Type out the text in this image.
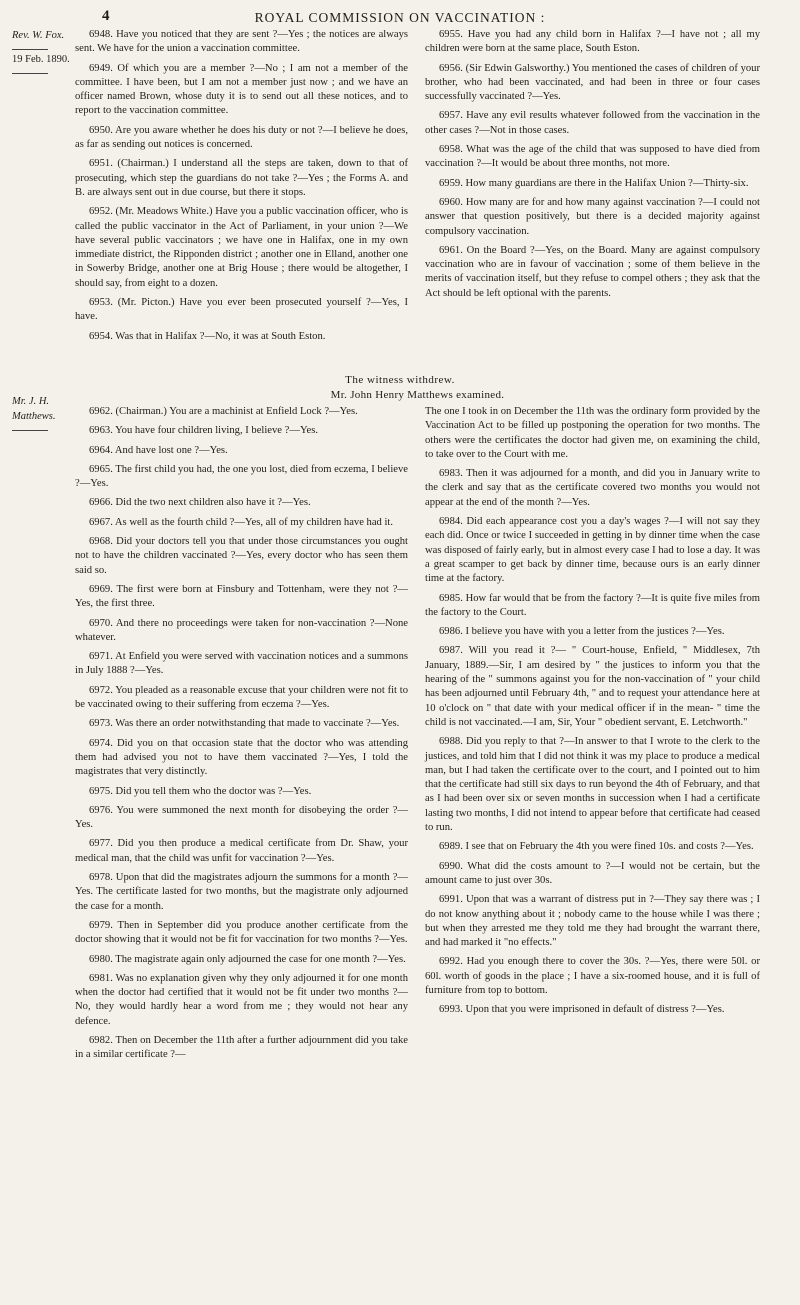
4	ROYAL COMMISSION ON VACCINATION :
Rev. W. Fox.
19 Feb. 1890.
Mr. J. H.
Matthews.

6948. Have you noticed that they are sent ?—Yes ; the notices are always sent. We have for the union a vaccination committee.

6949. Of which you are a member ?—No ; I am not a member of the committee. I have been, but I am not a member just now ; and we have an officer named Brown, whose duty it is to send out all these notices, and to report to the vaccination committee.

6950. Are you aware whether he does his duty or not ?—I believe he does, as far as sending out notices is concerned.

6951. (Chairman.) I understand all the steps are taken, down to that of prosecuting, which step the guardians do not take ?—Yes ; the Forms A. and B. are always sent out in due course, but there it stops.

6952. (Mr. Meadows White.) Have you a public vaccination officer, who is called the public vaccinator in the Act of Parliament, in your union ?—We have several public vaccinators ; we have one in Halifax, one in my own immediate district, the Ripponden district ; another one in Elland, another one in Sowerby Bridge, another one at Brig House ; there would be altogether, I should say, from eight to a dozen.

6953. (Mr. Picton.) Have you ever been prosecuted yourself ?—Yes, I have.

6954. Was that in Halifax ?—No, it was at South Eston.

6955. Have you had any child born in Halifax ?—I have not ; all my children were born at the same place, South Eston.

6956. (Sir Edwin Galsworthy.) You mentioned the cases of children of your brother, who had been vaccinated, and had been in three or four cases successfully vaccinated ?—Yes.

6957. Have any evil results whatever followed from the vaccination in the other cases ?—Not in those cases.

6958. What was the age of the child that was supposed to have died from vaccination ?—It would be about three months, not more.

6959. How many guardians are there in the Halifax Union ?—Thirty-six.

6960. How many are for and how many against vaccination ?—I could not answer that question positively, but there is a decided majority against compulsory vaccination.

6961. On the Board ?—Yes, on the Board. Many are against compulsory vaccination who are in favour of vaccination ; some of them believe in the merits of vaccination itself, but they refuse to compel others ; they ask that the Act should be left optional with the parents.

The witness withdrew.
Mr. John Henry Matthews examined.

6962. (Chairman.) You are a machinist at Enfield Lock ?—Yes.

6963. You have four children living, I believe ?—Yes.

6964. And have lost one ?—Yes.

6965. The first child you had, the one you lost, died from eczema, I believe ?—Yes.

6966. Did the two next children also have it ?—Yes.

6967. As well as the fourth child ?—Yes, all of my children have had it.

6968. Did your doctors tell you that under those circumstances you ought not to have the children vaccinated ?—Yes, every doctor who has seen them said so.

6969. The first were born at Finsbury and Tottenham, were they not ?—Yes, the first three.

6970. And there no proceedings were taken for non-vaccination ?—None whatever.

6971. At Enfield you were served with vaccination notices and a summons in July 1888 ?—Yes.

6972. You pleaded as a reasonable excuse that your children were not fit to be vaccinated owing to their suffering from eczema ?—Yes.

6973. Was there an order notwithstanding that made to vaccinate ?—Yes.

6974. Did you on that occasion state that the doctor who was attending them had advised you not to have them vaccinated ?—Yes, I told the magistrates that very distinctly.

6975. Did you tell them who the doctor was ?—Yes.

6976. You were summoned the next month for disobeying the order ?—Yes.

6977. Did you then produce a medical certificate from Dr. Shaw, your medical man, that the child was unfit for vaccination ?—Yes.

6978. Upon that did the magistrates adjourn the summons for a month ?—Yes. The certificate lasted for two months, but the magistrate only adjourned the case for a month.

6979. Then in September did you produce another certificate from the doctor showing that it would not be fit for vaccination for two months ?—Yes.

6980. The magistrate again only adjourned the case for one month ?—Yes.

6981. Was no explanation given why they only adjourned it for one month when the doctor had certified that it would not be fit under two months ?—No, they would hardly hear a word from me ; they would not hear any defence.

6982. Then on December the 11th after a further adjournment did you take in a similar certificate ?—

The one I took in on December the 11th was the ordinary form provided by the Vaccination Act to be filled up postponing the operation for two months. The others were the certificates the doctor had given me, on examining the child, to take over to the Court with me.

6983. Then it was adjourned for a month, and did you in January write to the clerk and say that as the certificate covered two months you would not appear at the end of the month ?—Yes.

6984. Did each appearance cost you a day's wages ?—I will not say they each did. Once or twice I succeeded in getting in by dinner time when the case was disposed of fairly early, but in almost every case I had to lose a day. It was a great scamper to get back by dinner time, because ours is an early dinner time at the factory.

6985. How far would that be from the factory ?—It is quite five miles from the factory to the Court.

6986. I believe you have with you a letter from the justices ?—Yes.

6987. Will you read it ?— " Court-house, Enfield, " Middlesex, 7th January, 1889.—Sir, I am desired by " the justices to inform you that the hearing of the " summons against you for the non-vaccination of " your child has been adjourned until February 4th, " and to request your attendance here at 10 o'clock on " that date with your medical officer if in the mean- " time the child is not vaccinated.—I am, Sir, Your " obedient servant, E. Letchworth."

6988. Did you reply to that ?—In answer to that I wrote to the clerk to the justices, and told him that I did not think it was my place to produce a medical man, but I had taken the certificate over to the court, and I pointed out to him that the certificate had still six days to run beyond the 4th of February, and that as I had been over six or seven months in succession when I had a certificate lasting two months, I did not intend to appear before that certificate had ceased to run.

6989. I see that on February the 4th you were fined 10s. and costs ?—Yes.

6990. What did the costs amount to ?—I would not be certain, but the amount came to just over 30s.

6991. Upon that was a warrant of distress put in ?—They say there was ; I do not know anything about it ; nobody came to the house while I was there ; but when they arrested me they told me they had brought the warrant there, and had marked it "no effects."

6992. Had you enough there to cover the 30s. ?—Yes, there were 50l. or 60l. worth of goods in the place ; I have a six-roomed house, and it is full of furniture from top to bottom.

6993. Upon that you were imprisoned in default of distress ?—Yes.
